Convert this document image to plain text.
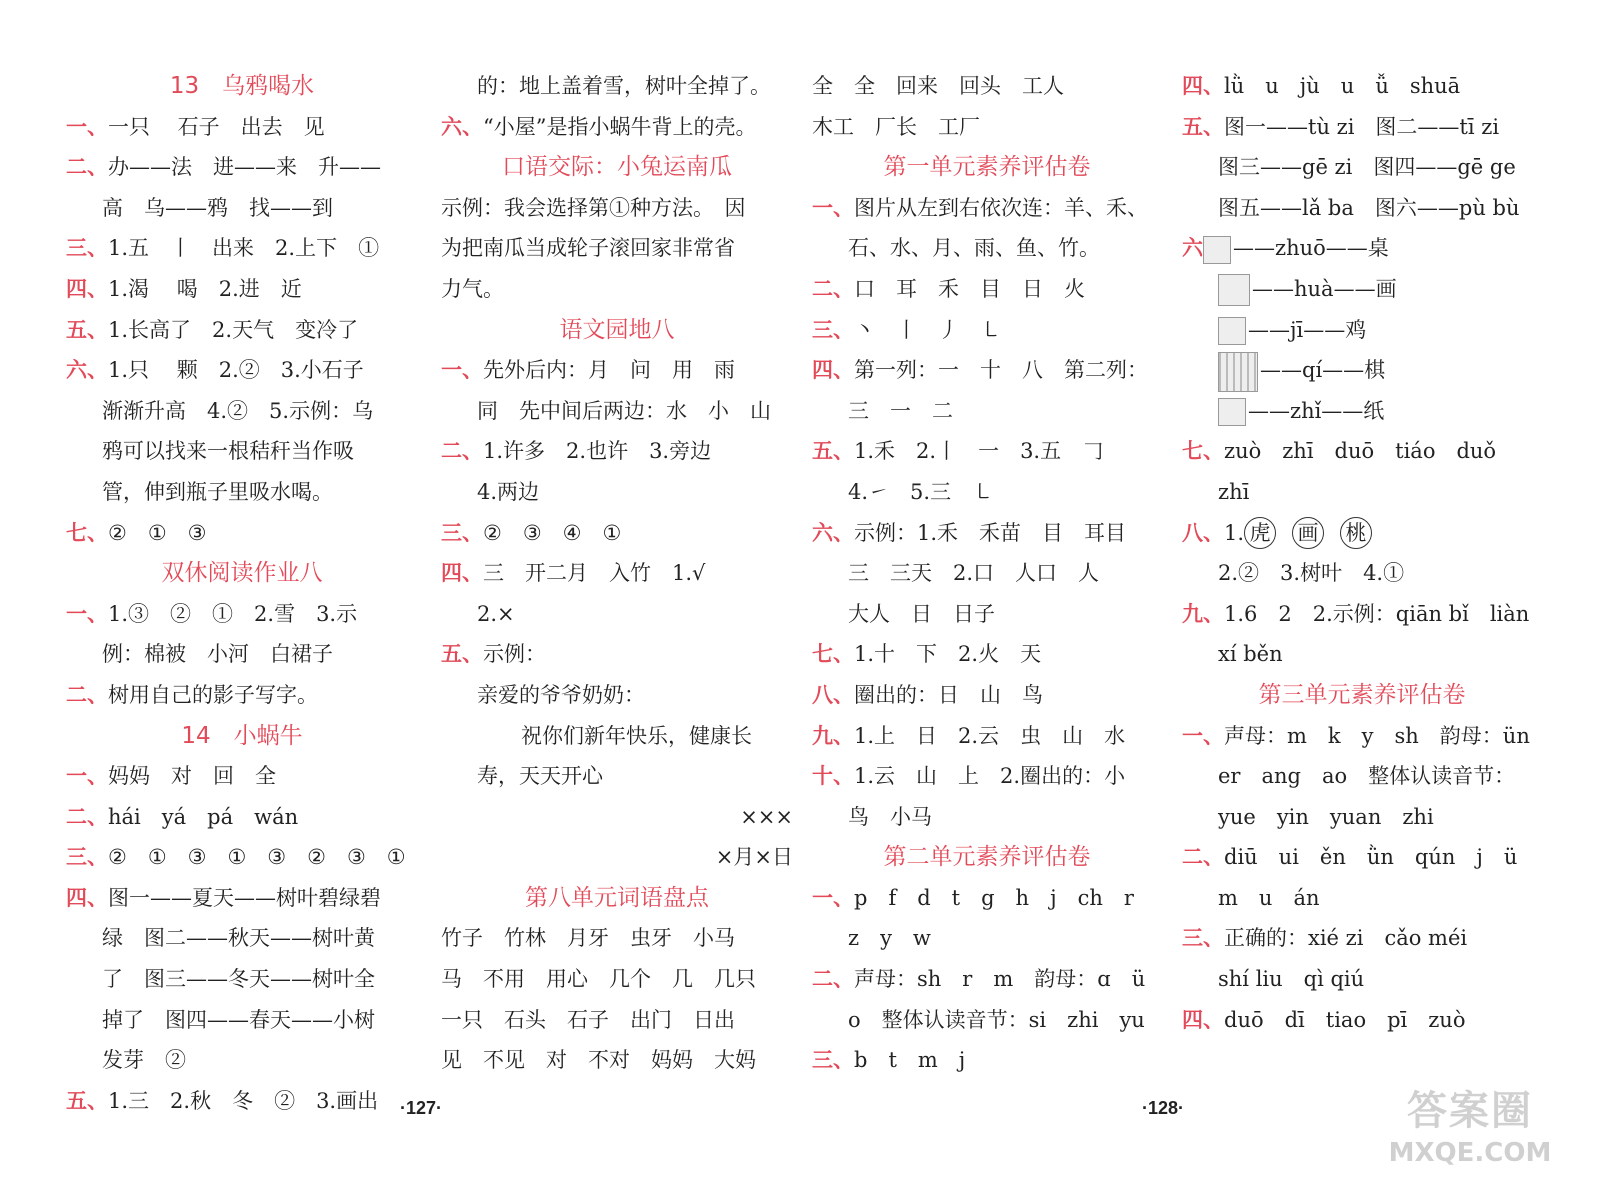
13　乌鸦喝水
一、一只　 石子　出去　见
二、办——法　进——来　升——
高　乌——鸦　找——到
三、1.五　丨　出来　2.上下　①
四、1.渴　 喝　2.进　近
五、1.长高了　2.天气　变冷了
六、1.只　 颗　2.②　3.小石子
渐渐升高　4.②　5.示例：乌
鸦可以找来一根秸秆当作吸
管，伸到瓶子里吸水喝。
七、②　①　③
双休阅读作业八
一、1.③　②　①　2.雪　3.示
例：棉被　小河　白裙子
二、树用自己的影子写字。
14　小蜗牛
一、妈妈　对　回　全
二、hái　yá　pá　wán
三、②　①　③　①　③　②　③　①
四、图一——夏天——树叶碧绿碧
绿　图二——秋天——树叶黄
了　图三——冬天——树叶全
掉了　图四——春天——小树
发芽　②
五、1.三　2.秋　冬　②　3.画出
的：地上盖着雪，树叶全掉了。
六、“小屋”是指小蜗牛背上的壳。
口语交际：小兔运南瓜
示例：我会选择第①种方法。　因
为把南瓜当成轮子滚回家非常省
力气。
语文园地八
一、先外后内：月　问　用　雨
同　先中间后两边：水　小　山
二、1.许多　2.也许　3.旁边
4.两边
三、②　③　④　①
四、三　开二月　入竹　1.√
2.×
五、示例：
亲爱的爷爷奶奶：
祝你们新年快乐，健康长
寿，天天开心
×××
×月×日
第八单元词语盘点
竹子　竹林　月牙　虫牙　小马
马　不用　用心　几个　几　几只
一只　石头　石子　出门　日出
见　不见　对　不对　妈妈　大妈
全　全　回来　回头　工人
木工　厂长　工厂
第一单元素养评估卷
一、图片从左到右依次连：羊、禾、
石、水、月、雨、鱼、竹。
二、口　耳　禾　目　日　火
三、丶　丨　丿　㇄
四、第一列：一　十　八　第二列：
三　一　二
五、1.禾　2.丨　一　3.五　𠃌
4.㇀　5.三　㇄
六、示例：1.禾　禾苗　目　耳目
三　三天　2.口　人口　人
大人　日　日子
七、1.十　下　2.火　天
八、圈出的：日　山　鸟
九、1.上　日　2.云　虫　山　水
十、1.云　山　上　2.圈出的：小
鸟　小马
第二单元素养评估卷
一、p　f　d　t　g　h　j　ch　r
z　y　w
二、声母：sh　r　m　韵母：ɑ　ü
o　整体认读音节：si　zhi　yu
三、b　t　m　j
四、lǜ　u　jù　u　ǚ　shuā
五、图一——tù zi　图二——tī zi
图三——gē zi　图四——gē ge
图五——lǎ ba　图六——pù bù
六 ——zhuō——桌
——huà——画
——jī——鸡
——qí——棋
——zhǐ——纸
七、zuò　zhī　duō　tiáo　duǒ
zhī
八、1. 虎 画 桃
2.②　3.树叶　4.①
九、1.6　2　2.示例：qiān bǐ　liàn
xí běn
第三单元素养评估卷
一、声母：m　k　y　sh　韵母：ün
er　ang　ao　整体认读音节：
yue　yin　yuan　zhi
二、diū　ui　ěn　ǜn　qún　j　ü
m　u　án
三、正确的：xié zi　cǎo méi
shí liu　qì qiú
四、duō　dī　tiao　pī　zuò
·127·	·128·	答案圈
MXQE.COM
